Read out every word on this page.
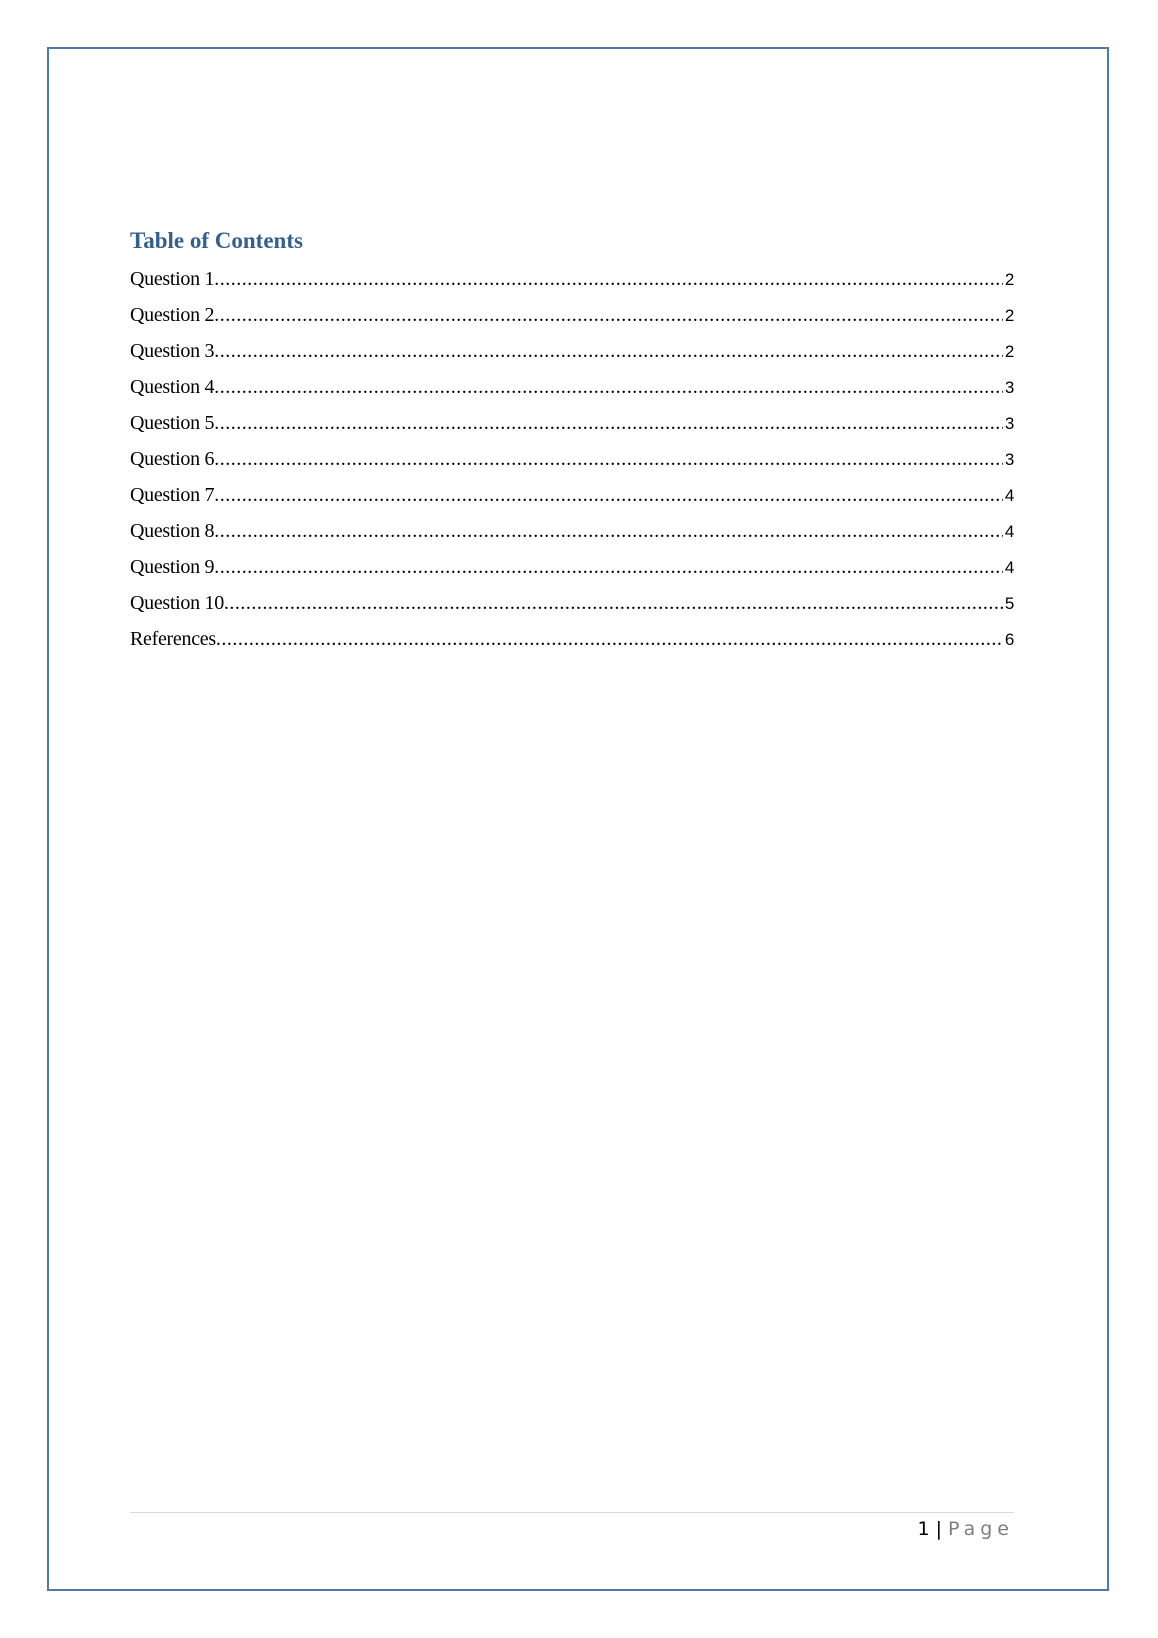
Table of Contents
Question 1 .....	2
Question 2 .....	2
Question 3 .....	2
Question 4 .....	3
Question 5 .....	3
Question 6 .....	3
Question 7 .....	4
Question 8 .....	4
Question 9 .....	4
Question 10 .....	5
References .....	6
1 | Page
